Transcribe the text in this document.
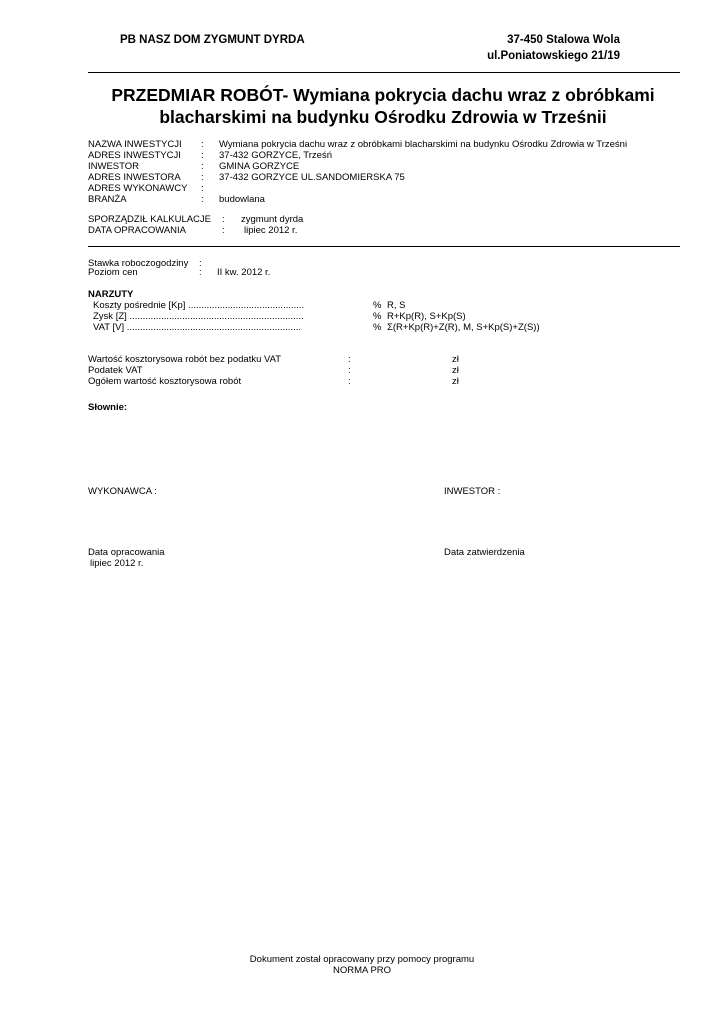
PB NASZ DOM ZYGMUNT DYRDA	37-450 Stalowa Wola
ul.Poniatowskiego 21/19
PRZEDMIAR ROBÓT- Wymiana pokrycia dachu wraz z obróbkami
blacharskimi na budynku Ośrodku Zdrowia w Trześnii
NAZWA INWESTYCJI : Wymiana pokrycia dachu wraz z obróbkami blacharskimi na budynku Ośrodku Zdrowia w Trześni
ADRES INWESTYCJI : 37-432 GORZYCE, Trześń
INWESTOR	: GMINA GORZYCE
ADRES INWESTORA : 37-432 GORZYCE UL.SANDOMIERSKA 75
ADRES WYKONAWCY :
BRANŻA	: budowlana
SPORZĄDZIŁ KALKULACJE : zygmunt dyrda
DATA OPRACOWANIA	: lipiec 2012 r.
Stawka roboczogodziny :
Poziom cen	: II kw. 2012 r.
NARZUTY
Koszty pośrednie [Kp] ............................................	% R, S
Zysk [Z] ..................................................................	% R+Kp(R), S+Kp(S)
VAT [V] ..................................................................	% Σ(R+Kp(R)+Z(R), M, S+Kp(S)+Z(S))
Wartość kosztorysowa robót bez podatku VAT	:	zł
Podatek VAT	:	zł
Ogółem wartość kosztorysowa robót	:	zł
Słownie:
WYKONAWCA :	INWESTOR :
Data opracowania
lipiec 2012 r.
Data zatwierdzenia
Dokument został opracowany przy pomocy programu
NORMA PRO
